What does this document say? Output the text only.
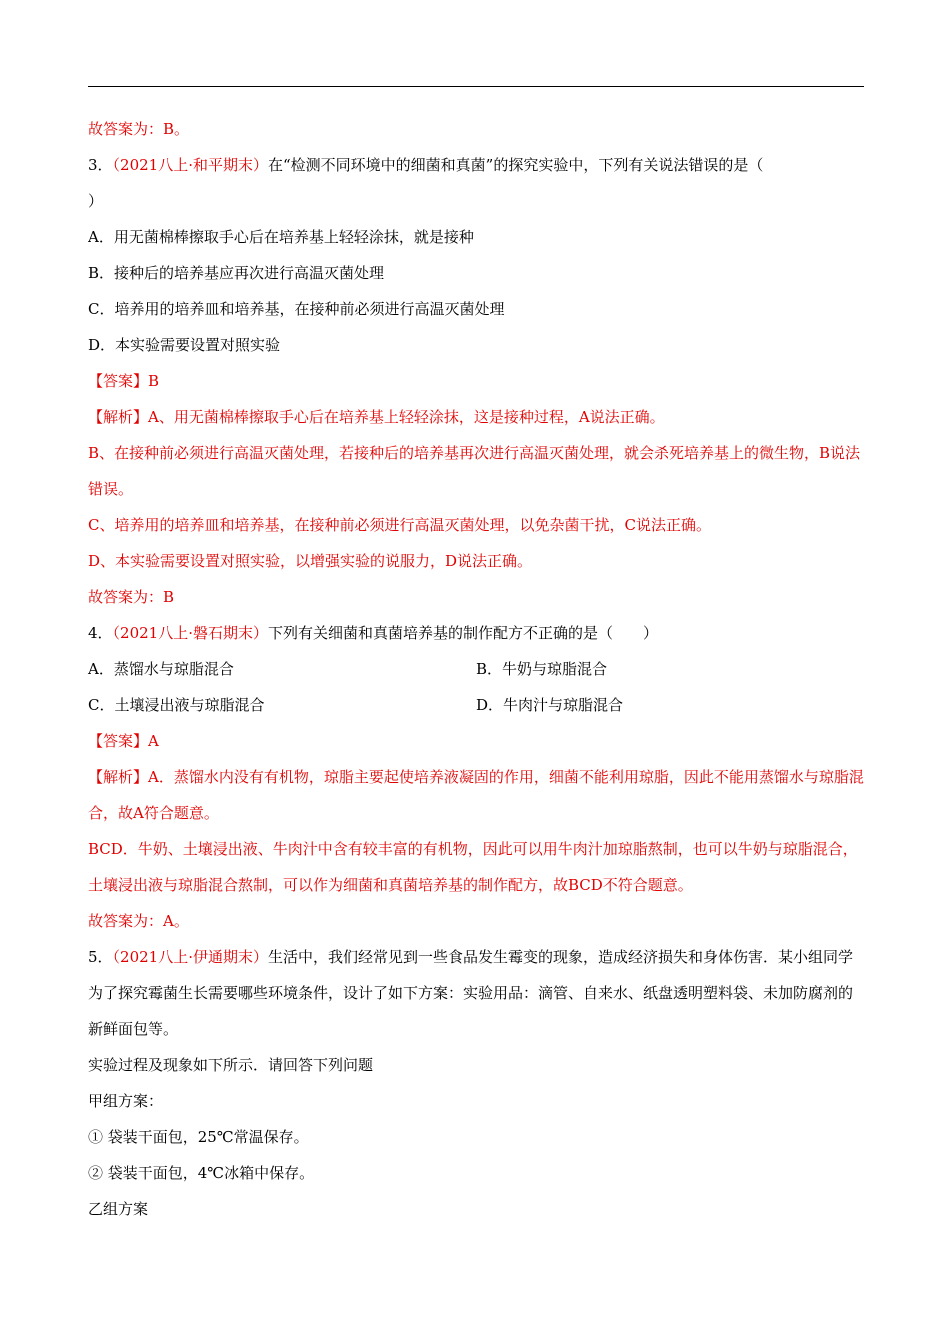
故答案为：B。
3．（2021八上·和平期末）在“检测不同环境中的细菌和真菌”的探究实验中，下列有关说法错误的是（
）
A．用无菌棉棒擦取手心后在培养基上轻轻涂抹，就是接种
B．接种后的培养基应再次进行高温灭菌处理
C．培养用的培养皿和培养基，在接种前必须进行高温灭菌处理
D．本实验需要设置对照实验
【答案】B
【解析】A、用无菌棉棒擦取手心后在培养基上轻轻涂抹，这是接种过程，A说法正确。
B、在接种前必须进行高温灭菌处理，若接种后的培养基再次进行高温灭菌处理，就会杀死培养基上的微生物，B说法错误。
C、培养用的培养皿和培养基，在接种前必须进行高温灭菌处理，以免杂菌干扰，C说法正确。
D、本实验需要设置对照实验，以增强实验的说服力，D说法正确。
故答案为：B
4．（2021八上·磐石期末）下列有关细菌和真菌培养基的制作配方不正确的是（　　）
A．蒸馏水与琼脂混合	B．牛奶与琼脂混合
C．土壤浸出液与琼脂混合	D．牛肉汁与琼脂混合
【答案】A
【解析】A．蒸馏水内没有有机物，琼脂主要起使培养液凝固的作用，细菌不能利用琼脂，因此不能用蒸馏水与琼脂混合，故A符合题意。
BCD．牛奶、土壤浸出液、牛肉汁中含有较丰富的有机物，因此可以用牛肉汁加琼脂熬制，也可以牛奶与琼脂混合，土壤浸出液与琼脂混合熬制，可以作为细菌和真菌培养基的制作配方，故BCD不符合题意。
故答案为：A。
5．（2021八上·伊通期末）生活中，我们经常见到一些食品发生霉变的现象，造成经济损失和身体伤害．某小组同学为了探究霉菌生长需要哪些环境条件，设计了如下方案：实验用品：滴管、自来水、纸盘透明塑料袋、未加防腐剂的新鲜面包等。
实验过程及现象如下所示．请回答下列问题
甲组方案：
① 袋装干面包，25℃常温保存。
② 袋装干面包，4℃冰箱中保存。
乙组方案
